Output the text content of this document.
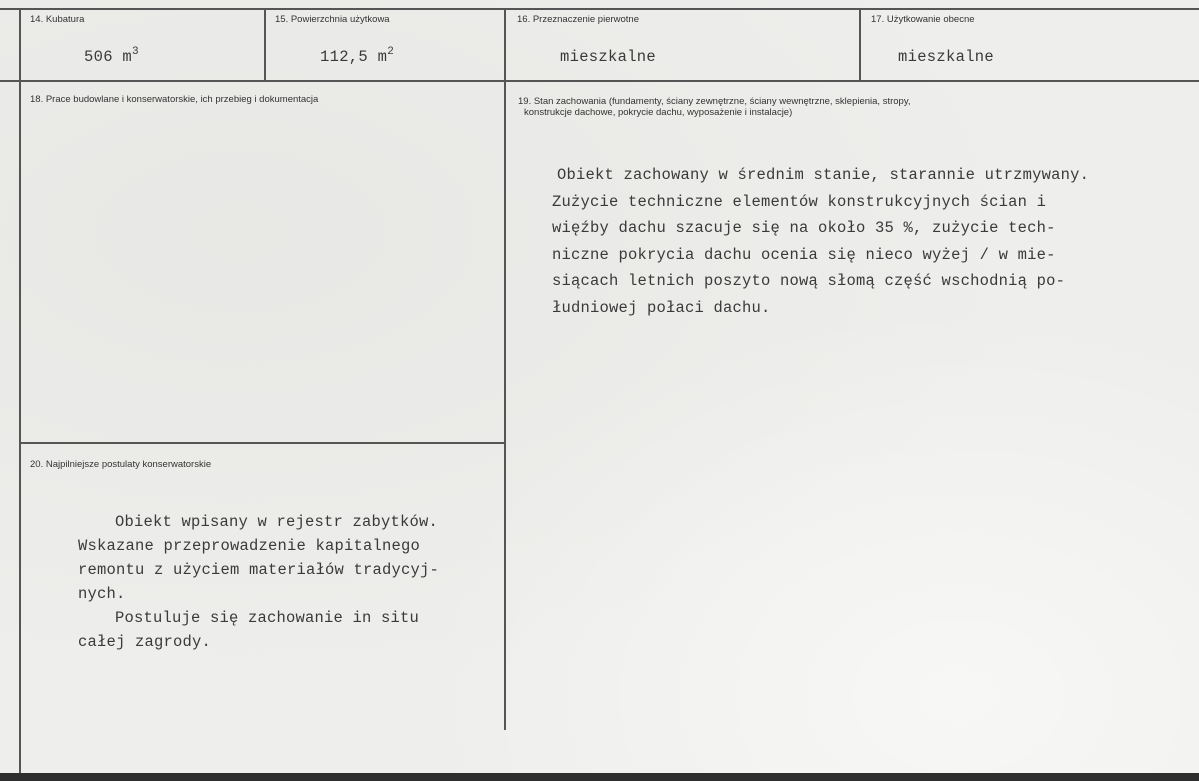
14. Kubatura
506 $m^3$
15. Powierzchnia użytkowa
112,5 $m^2$
16. Przeznaczenie pierwotne
mieszkalne
17. Użytkowanie obecne
mieszkalne
18. Prace budowlane i konserwatorskie, ich przebieg i dokumentacja	19. Stan zachowania (fundamenty, ściany zewnętrzne, ściany wewnętrzne, sklepienia, stropy,
konstrukcje dachowe, pokrycie dachu, wyposażenie i instalacje)
Obiekt zachowany w średnim stanie, starannie utrzmywany.
Zużycie techniczne elementów konstrukcyjnych ścian i
więźby dachu szacuje się na około 35 %, zużycie tech-
niczne pokrycia dachu ocenia się nieco wyżej / w mie-
siącach letnich poszyto nową słomą część wschodnią po-
łudniowej połaci dachu.
20. Najpilniejsze postulaty konserwatorskie
Obiekt wpisany w rejestr zabytków.
Wskazane przeprowadzenie kapitalnego
remontu z użyciem materiałów tradycyj-
nych.
Postuluje się zachowanie in situ
całej zagrody.
